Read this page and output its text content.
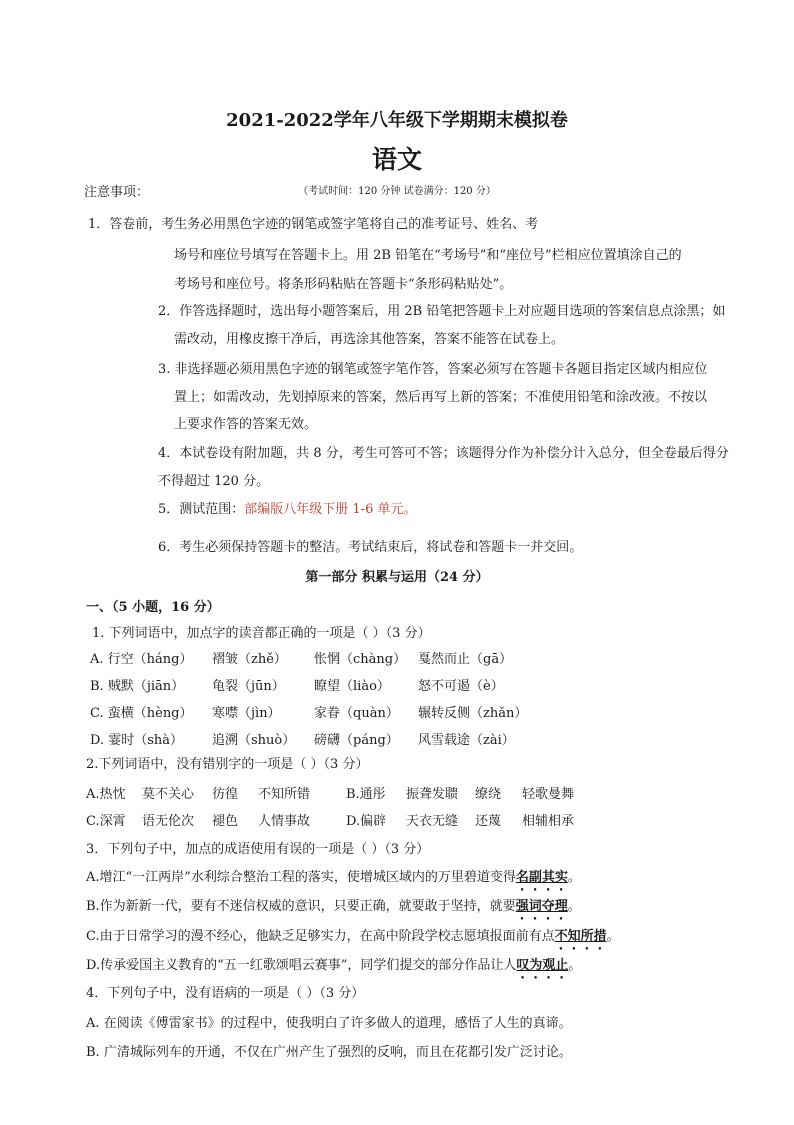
2021-2022学年八年级下学期期末模拟卷
语文
（考试时间：120 分钟 试卷满分：120 分）
注意事项：
1．答卷前，考生务必用黑色字迹的钢笔或签字笔将自己的准考证号、姓名、考
场号和座位号填写在答题卡上。用 2B 铅笔在“考场号”和“座位号”栏相应位置填涂自己的
考场号和座位号。将条形码粘贴在答题卡“条形码粘贴处”。
2．作答选择题时，选出每小题答案后，用 2B 铅笔把答题卡上对应题目选项的答案信息点涂黑；如
需改动，用橡皮擦干净后，再选涂其他答案，答案不能答在试卷上。
3. 非选择题必须用黑色字迹的钢笔或签字笔作答，答案必须写在答题卡各题目指定区域内相应位
置上；如需改动，先划掉原来的答案，然后再写上新的答案；不准使用铅笔和涂改液。不按以
上要求作答的答案无效。
4．本试卷设有附加题，共 8 分，考生可答可不答；该题得分作为补偿分计入总分，但全卷最后得分
不得超过 120 分。
5．测试范围：部编版八年级下册 1-6 单元。
6．考生必须保持答题卡的整洁。考试结束后，将试卷和答题卡一并交回。
第一部分 积累与运用（24 分）
一、（5 小题，16 分）
1. 下列词语中，加点字的读音都正确的一项是（ ）（3 分）
A. 行空（háng） 褶皱（zhě） 怅惘（chàng） 戛然而止（gā）
B. 贼默（jiān） 龟裂（jūn） 瞭望（liào） 怒不可遏（è）
C. 蛮横（hèng） 寒噤（jìn）	家眷（quàn） 辗转反侧（zhǎn）
D. 霎时（shà） 追溯（shuò） 磅礴（páng） 风雪载途（zài）
2.下列词语中，没有错别字的一项是（ ）（3 分）
A.热忱 莫不关心 彷徨 不知所错	B.通彤 振聋发聩 缭绕 轻歌曼舞
C.深霄 语无伦次 褪色 人情事故	D.偏辟 天衣无缝 还蔑 相辅相承
3．下列句子中，加点的成语使用有误的一项是（ ）（3 分）
A.增江“一江两岸”水利综合整治工程的落实，使增城区域内的万里碧道变得名副其实。
B.作为新新一代，要有不迷信权威的意识，只要正确，就要敢于坚持，就要强词夺理。
C.由于日常学习的漫不经心，他缺乏足够实力，在高中阶段学校志愿填报面前有点不知所措。
D.传承爱国主义教育的“五一红歌颂唱云赛事”，同学们提交的部分作品让人叹为观止。
4．下列句子中，没有语病的一项是（ ）（3 分）
A. 在阅读《傅雷家书》的过程中，使我明白了许多做人的道理，感悟了人生的真谛。
B. 广清城际列车的开通，不仅在广州产生了强烈的反响，而且在花都引发广泛讨论。
